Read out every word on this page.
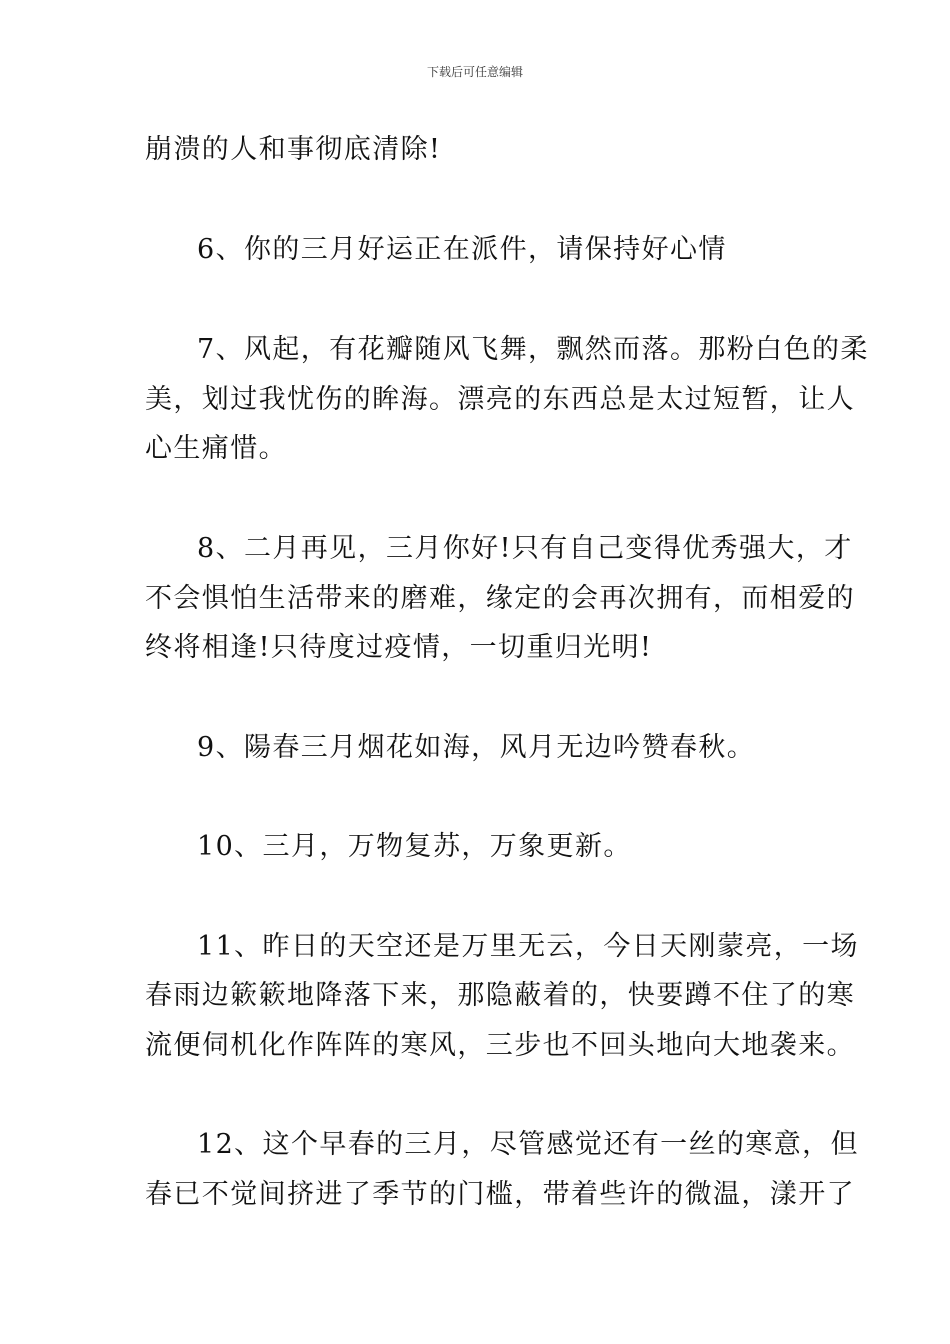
下载后可任意编辑
崩溃的人和事彻底清除!
6、你的三月好运正在派件，请保持好心情
7、风起，有花瓣随风飞舞，飘然而落。那粉白色的柔
美，划过我忧伤的眸海。漂亮的东西总是太过短暂，让人
心生痛惜。
8、二月再见，三月你好!只有自己变得优秀强大，才
不会惧怕生活带来的磨难，缘定的会再次拥有，而相爱的
终将相逢!只待度过疫情，一切重归光明!
9、陽春三月烟花如海，风月无边吟赞春秋。
10、三月，万物复苏，万象更新。
11、昨日的天空还是万里无云，今日天刚蒙亮，一场
春雨边簌簌地降落下来，那隐蔽着的，快要蹲不住了的寒
流便伺机化作阵阵的寒风，三步也不回头地向大地袭来。
12、这个早春的三月，尽管感觉还有一丝的寒意，但
春已不觉间挤进了季节的门槛，带着些许的微温，漾开了
